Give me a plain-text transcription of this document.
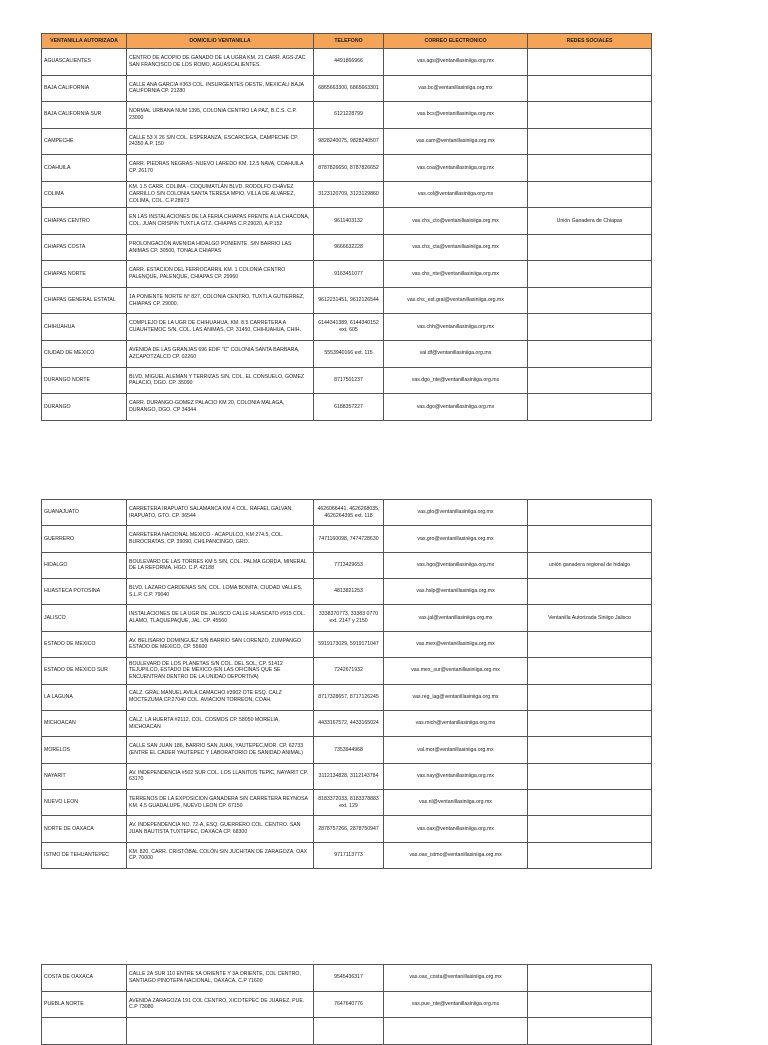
VENTANILLA AUTORIZADA	DOMICILIO VENTANILLA	TELEFONO	CORREO ELECTRONICO	REDES SOCIALES
AGUASCALIENTES	CENTRO DE ACOPIO DE GANADO DE LA UGRA KM. 21 CARR. AGS-ZAC SAN FRANCISCO DE LOS ROMO, AGUASCALIENTES.	4491866966	vas.ags@ventanillasiniiga.org.mx	
BAJA CALIFORNIA	CALLE ANA GARCIA #363 COL. INSURGENTES OESTE, MEXICALI BAJA CALIFORNIA CP. 21280	6865663300, 6865663301	vas.bc@ventanillasiniiga.org.mx	
BAJA CALIFORNIA SUR	NORMAL URBANA NUM 1395, COLONIA CENTRO LA PAZ, B.C.S. C.P. 23000	6121228799	vas.bcs@ventanillasiniiga.org.mx	
CAMPECHE	CALLE 53 X 26 S/N COL. ESPERANZA, ESCARCEGA, CAMPECHE CP. 24350 A.P. 150	9828240075, 9828240507	vas.cam@ventanillasiniiga.org.mx	
COAHUILA	CARR. PIEDRAS NEGRAS -NUEVO LAREDO KM. 12.5 NAVA, COAHUILA CP. 26170	8787826650, 8787826652	vas.coa@ventanillasiniiga.org.mx	
COLIMA	KM. 1.5 CARR. COLIMA - COQUIMATLÁN BLVD. RODOLFO CHÁVEZ CARRILLO S/N COLONIA SANTA TERESA MPIO. VILLA DE ALVAREZ, COLIMA, COL. C.P.28973	3123120709, 3123129860	vas.col@ventanillasiniiga.org.mx	
CHIAPAS CENTRO	EN LAS INSTALACIONES DE LA FERIA CHIAPAS FRENTE A LA CHACONA, COL. JUAN CRISPIN TUXTLA GTZ. CHIAPAS C.P.29020, A.P.152	9611403132	vas.chs_cto@ventanillasiniiga.org.mx	Unión Ganadera de Chiapas
CHIAPAS COSTA	PROLONGACIÓN AVENIDA HIDALGO PONIENTE. S/N BARRIO LAS ANIMAS CP. 30500, TONALA CHIAPAS	9666632228	vas.chs_cta@ventanillasiniiga.org.mx	
CHIAPAS NORTE	CARR. ESTACION DEL FERROCARRIL KM. 1 COLONIA CENTRO PALENQUE, PALENQUE, CHIAPAS CP. 29960	9163451077	vas.chs_nte@ventanillasiniiga.org.mx	
CHIAPAS GENERAL ESTATAL	1A PONIENTE NORTE N° 827, COLONIA CENTRO, TUXTLA GUTIERREZ, CHIAPAS CP. 29000.	9612231451, 9612126544	vas.chs_est.gral@ventanillasiniiga.org.mx	
CHIHUAHUA	COMPLEJO DE LA UGR DE CHIHUAHUA, KM. 8.5 CARRETERA A CUAUHTEMOC S/N, COL. LAS ANIMAS, CP. 31450, CHIHUAHUA, CHIH.	6144341389, 6144340152 ext. 605	vas.chh@ventanillasiniiga.org.mx	
CIUDAD DE MEXICO	AVENIDA DE LAS GRANJAS 696 EDIF "C" COLONIA SANTA BARBARA, AZCAPOTZALCO CP. 02260	5553940166 ext. 115	val.df@ventanillasiniiga.org.mx	
DURANGO NORTE	BLVD. MIGUEL ALEMAN Y TERRIZAS S/N, COL. EL CONSUELO, GOMEZ PALACIO, DGO. CP. 35090	8717501237	vas.dgo_nte@ventanillasiniiga.org.mx	
DURANGO	CARR. DURANGO-GOMEZ PALACIO KM 20, COLONIA MALAGA, DURANGO, DGO. CP 34344	6188357227	vas.dgo@ventanillasiniiga.org.mx	
GUANAJUATO	CARRETERA IRAPUATO SALAMANCA KM 4 COL. RAFAEL GALVAN, IRAPUATO, GTO. CP. 36544	4626066441, 4626268035, 4626264395 ext. 118	vas.gto@ventanillasiniiga.org.mx	
GUERRERO	CARRETERA NACIONAL MEXICO - ACAPULCO, KM 274.5, COL. BUROCRATAS, CP. 39090, CHILPANCINGO, GRO.	7471160098, 7474728630	vas.gro@ventanillasiniiga.org.mx	
HIDALGO	BOULEVARD DE LAS TORRES KM 5 S/N, COL. PALMA GORDA, MINERAL DE LA REFORMA, HGO. C.P. 42188	7713429653	vas.hgo@ventanillasiniiga.org.mx	unión ganadera regional de hidalgo
HUASTECA POTOSINA	BLVD. LAZARO CARDENAS S/N, COL. LOMA BONITA, CIUDAD VALLES, S.L.P. C.P. 79040	4813821253	vas.hslp@ventanillasiniiga.org.mx	
JALISCO	INSTALACIONES DE LA UGR DE JALISCO CALLE HUASCATO #915 COL. ALAMO, TLAQUEPAQUE, JAL. CP. 45560	3338370773, 33383 0770 ext. 2147 y 2150	vas.jal@ventanillasiniiga.org.mx	Ventanilla Autorizada Siniigo Jalisco
ESTADO DE MEXICO	AV. BELISARIO DOMINGUEZ S/N BARRIO SAN LORENZO, ZUMPANGO ESTADO DE MEXICO, CP. 55600	5919173029, 5919171047	vas.mex@ventanillasiniiga.org.mx	
ESTADO DE MEXICO SUR	BOULEVARD DE LOS PLANETAS S/N COL. DEL SOL, CP. 51412 TEJUPILCO, ESTADO DE MÉXICO (EN LAS OFICINAS QUE SE ENCUENTRAN DENTRO DE LA UNIDAD DEPORTIVA)	7242671932	vas.mex_sur@ventanillasiniiga.org.mx	
LA LAGUNA	CALZ. GRAL.MANUEL AVILA CAMACHO #3902 OTE ESQ. CALZ MOCTEZUMA CP.27040 COL. AVIACION TORREON, COAH.	8717328657, 8717126245	vas.reg_lag@ventanillasiniiga.org.mx	
MICHOACAN	CALZ. LA HUERTA #2112, COL. COSMOS CP. 58050 MORELIA, MICHOACAN	4433167572, 4433165024	vas.mich@ventanillasiniiga.org.mx	
MORELOS	CALLE SAN JUAN 186, BARRIO SAN JUAN, YAUTEPEC,MOR. CP. 62733 (ENTRE EL CADER YAUTEPEC Y LABORATORIO DE SANIDAD ANIMAL)	7353944968	val.mor@ventanillasiniiga.org.mx	
NAYARIT	AV. INDEPENDENCIA #502 SUR COL. LOS LLANITOS TEPIC, NAYARIT CP. 63170	3112134828, 3112143784	vas.nay@ventanillasiniiga.org.mx	
NUEVO LEON	TERRENOS DE LA EXPOSICION GANADERA S/N CARRETERA REYNOSA KM. 4.5 GUADALUPE, NUEVO LEON CP. 67150	8183372033, 8183378883 ext. 129	vas.nl@ventanillasiniiga.org.mx	
NORTE DE OAXACA	AV. INDEPENDENCIA NO. 72-A, ESQ. GUERRERO COL. CENTRO. SAN JUAN BAUTISTA TUXTEPEC, OAXACA CP. 68300	2878757266, 2878750947	vas.oax@ventanillasiniiga.org.mx	
ISTMO DE TEHUANTEPEC	KM. 820, CARR. CRISTÓBAL COLÓN S/N JUCHITAN DE ZARAGOZA, OAX CP. 70000	9717113773	vas.oax_istmo@ventanillasiniiga.org.mx	
COSTA DE OAXACA	CALLE 2A SUR 110 ENTRE 5A ORIENTE Y 3A ORIENTE, COL CENTRO, SANTIAGO PINOTEPA NACIONAL, OAXACA, C.P 71600	9545436317	vas.oax_costa@ventanillasiniiga.org.mx	
PUEBLA NORTE	AVENIDA ZARAGOZA 191 COL CENTRO, XICOTEPEC DE JUAREZ, PUE. C.P 73080	7647640776	vas.pue_nte@ventanillasiniiga.org.mx	
